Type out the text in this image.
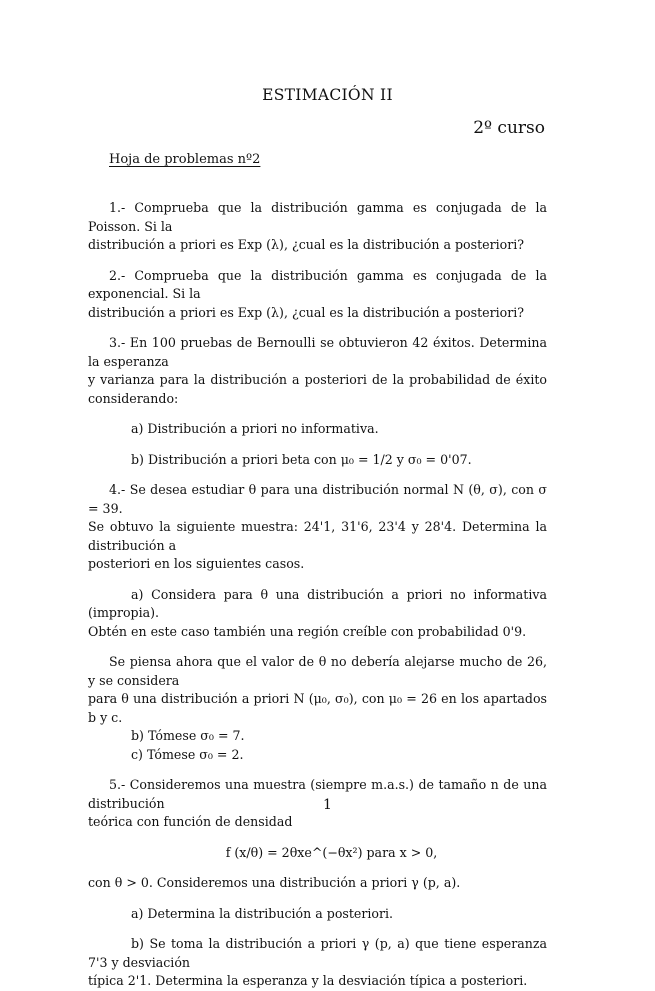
ESTIMACIÓN II
2º curso
Hoja de problemas nº2

1.- Comprueba que la distribución gamma es conjugada de la Poisson. Si la

distribución a priori es Exp (λ), ¿cual es la distribución a posteriori?

2.- Comprueba que la distribución gamma es conjugada de la exponencial. Si la

distribución a priori es Exp (λ), ¿cual es la distribución a posteriori?

3.- En 100 pruebas de Bernoulli se obtuvieron 42 éxitos. Determina la esperanza

y varianza para la distribución a posteriori de la probabilidad de éxito considerando:

a) Distribución a priori no informativa.

b) Distribución a priori beta con μ₀ = 1/2 y σ₀ = 0'07.

4.- Se desea estudiar θ para una distribución normal N (θ, σ), con σ = 39.

Se obtuvo la siguiente muestra: 24'1, 31'6, 23'4 y 28'4. Determina la distribución a

posteriori en los siguientes casos.

a) Considera para θ una distribución a priori no informativa (impropia).

Obtén en este caso también una región creíble con probabilidad 0'9.

Se piensa ahora que el valor de θ no debería alejarse mucho de 26, y se considera

para θ una distribución a priori N (μ₀, σ₀), con μ₀ = 26 en los apartados b y c.

b) Tómese σ₀ = 7.

c) Tómese σ₀ = 2.

5.- Consideremos una muestra (siempre m.a.s.) de tamaño n de una distribución

teórica con función de densidad

f (x/θ) = 2θxe^(−θx²) para x > 0,

con θ > 0. Consideremos una distribución a priori γ (p, a).

a) Determina la distribución a posteriori.

b) Se toma la distribución a priori γ (p, a) que tiene esperanza 7'3 y desviación

típica 2'1. Determina la esperanza y la desviación típica a posteriori.

1
